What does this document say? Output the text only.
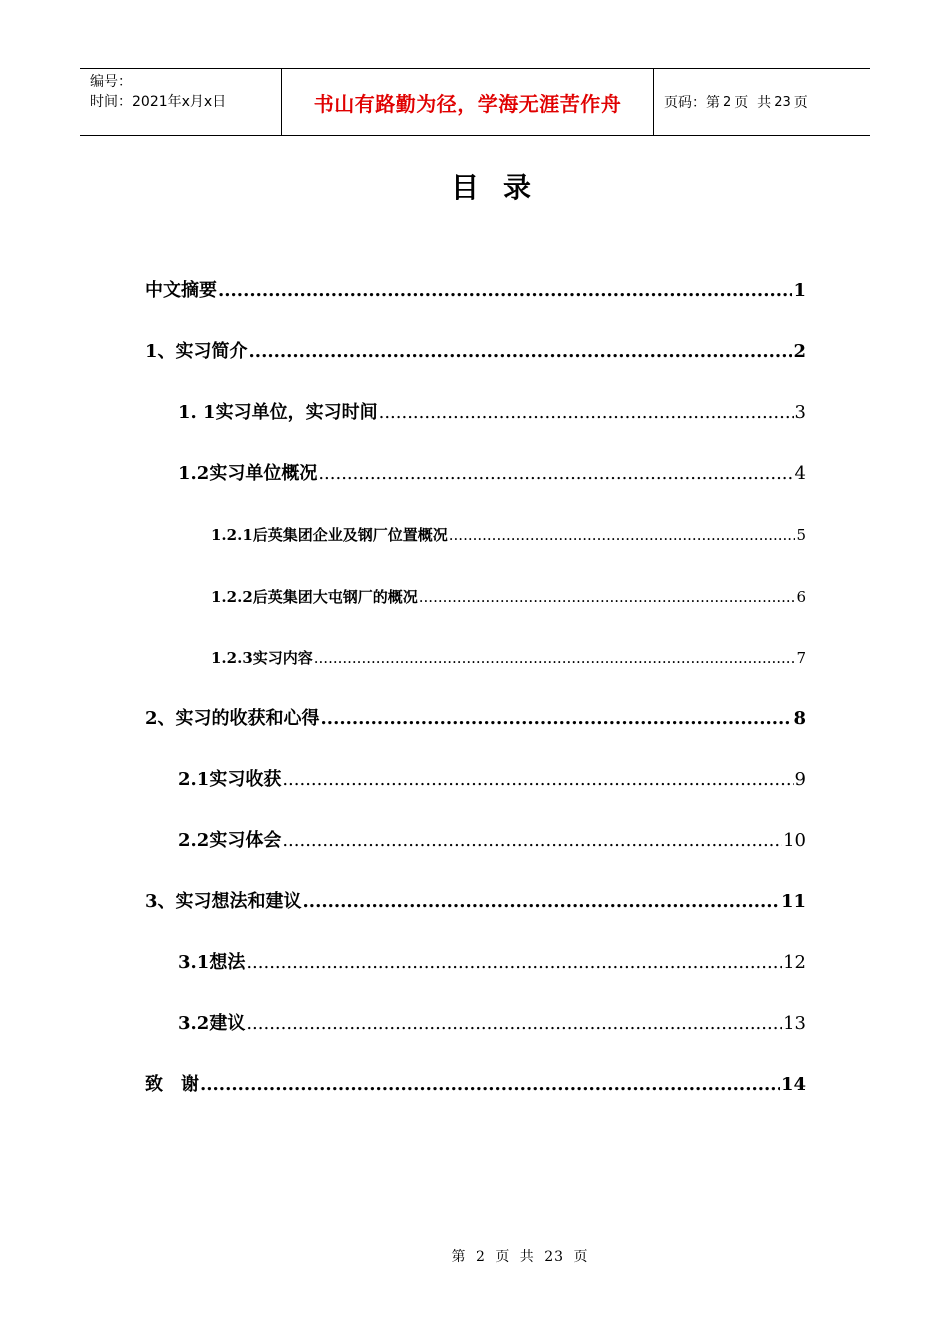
编号：
时间：2021年x月x日	书山有路勤为径，学海无涯苦作舟	页码：第 2 页  共 23 页
目录
中文摘要 .....	1
1、实习简介 .....	2
1. 1实习单位，实习时间 .....	3
1.2实习单位概况 .....	4
1.2.1后英集团企业及钢厂位置概况 .....	5
1.2.2后英集团大屯钢厂的概况 .....	6
1.2.3实习内容 .....	7
2、实习的收获和心得 .....	8
2.1实习收获 .....	9
2.2实习体会 .....	10
3、实习想法和建议 .....	11
3.1想法 .....	12
3.2建议 .....	13
致　谢 .....	14
第 2 页 共 23 页
